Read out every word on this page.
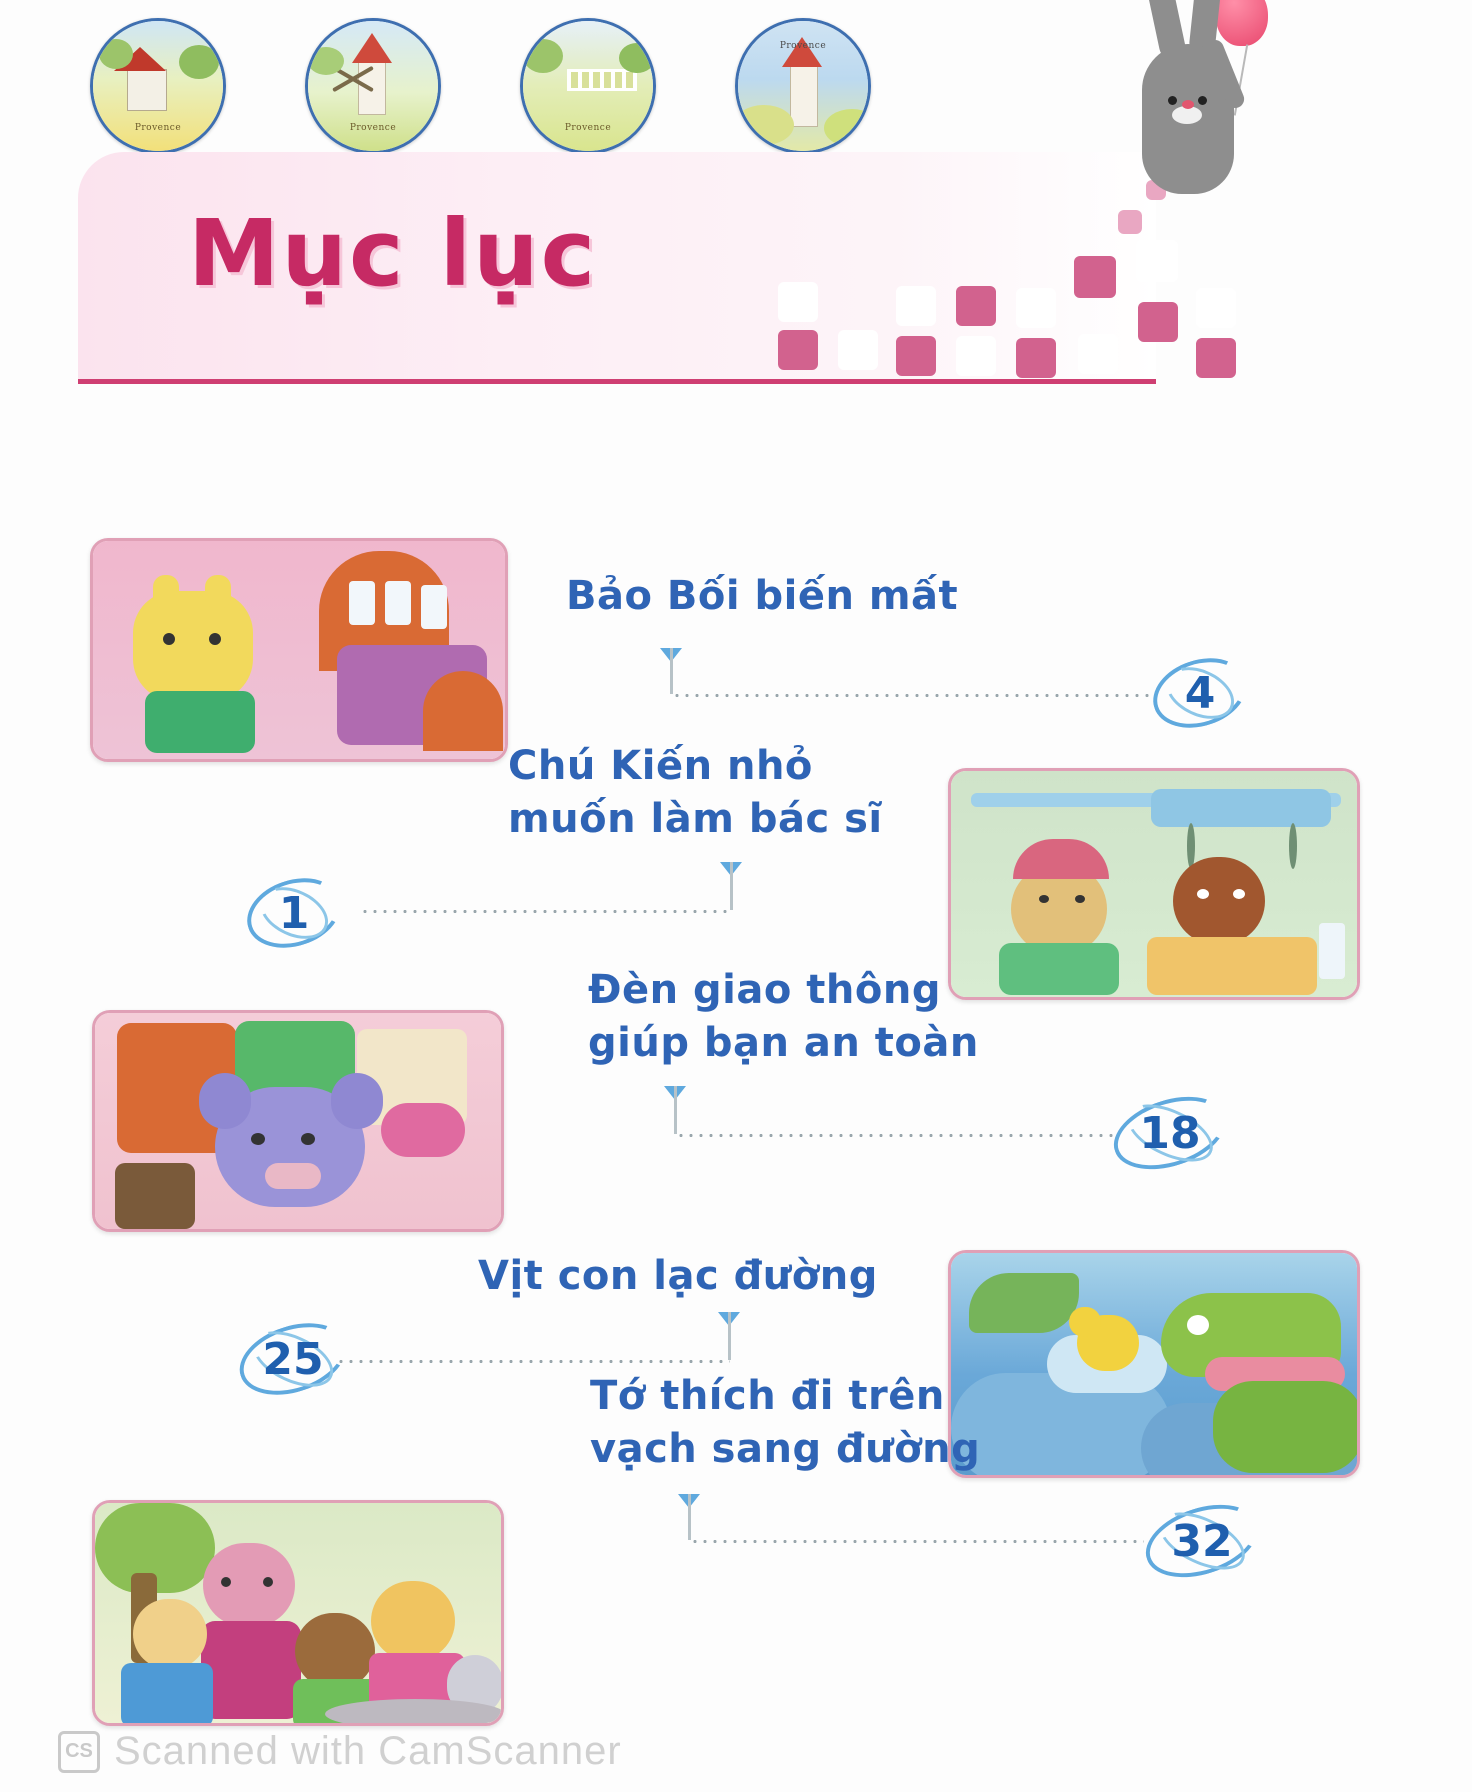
Provence	Provence	Provence
Provence
Mục lục
Bảo Bối biến mất
4
Chú Kiến nhỏ
muốn làm bác sĩ
1
Đèn giao thông
giúp bạn an toàn
18
Vịt con lạc đường
25
Tớ thích đi trên
vạch sang đường
32
CS Scanned with CamScanner
